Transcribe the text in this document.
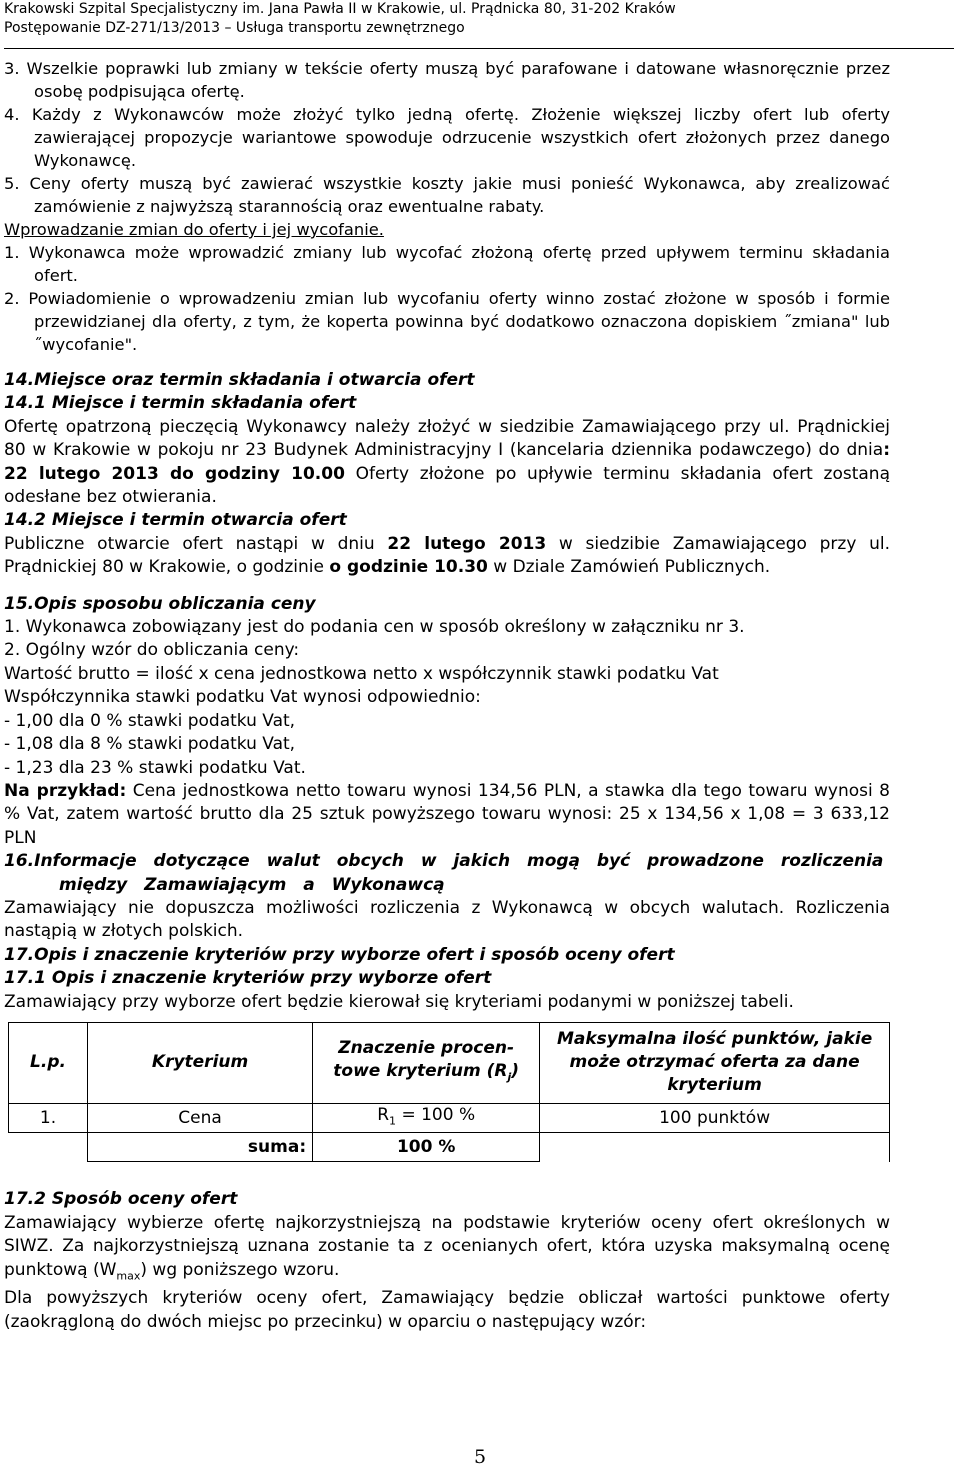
Krakowski Szpital Specjalistyczny im. Jana Pawła II w Krakowie, ul. Prądnicka 80, 31-202 Kraków
Postępowanie DZ-271/13/2013 – Usługa transportu zewnętrznego

3. Wszelkie poprawki lub zmiany w tekście oferty muszą być parafowane i datowane własnoręcznie przez osobę podpisująca ofertę.

4. Każdy z Wykonawców może złożyć tylko jedną ofertę. Złożenie większej liczby ofert lub oferty zawierającej propozycje wariantowe spowoduje odrzucenie wszystkich ofert złożonych przez danego Wykonawcę.

5. Ceny oferty muszą być zawierać wszystkie koszty jakie musi ponieść Wykonawca, aby zrealizować zamówienie z najwyższą starannością oraz ewentualne rabaty.

Wprowadzanie zmian do oferty i jej wycofanie.

1. Wykonawca może wprowadzić zmiany lub wycofać złożoną ofertę przed upływem terminu składania ofert.

2. Powiadomienie o wprowadzeniu zmian lub wycofaniu oferty winno zostać złożone w sposób i formie przewidzianej dla oferty, z tym, że koperta powinna być dodatkowo oznaczona dopiskiem ˝zmiana" lub ˝wycofanie".

14.Miejsce oraz termin składania i otwarcia ofert

14.1 Miejsce i termin składania ofert

Ofertę opatrzoną pieczęcią Wykonawcy należy złożyć w siedzibie Zamawiającego przy ul. Prądnickiej 80 w Krakowie w pokoju nr 23 Budynek Administracyjny I (kancelaria dziennika podawczego) do dnia: 22 lutego 2013 do godziny 10.00 Oferty złożone po upływie terminu składania ofert zostaną odesłane bez otwierania.

14.2 Miejsce i termin otwarcia ofert

Publiczne otwarcie ofert nastąpi w dniu 22 lutego 2013 w siedzibie Zamawiającego przy ul. Prądnickiej 80 w Krakowie, o godzinie o godzinie 10.30 w Dziale Zamówień Publicznych.

15.Opis sposobu obliczania ceny

1. Wykonawca zobowiązany jest do podania cen w sposób określony w załączniku nr 3.

2. Ogólny wzór do obliczania ceny:

Wartość brutto = ilość x cena jednostkowa netto x współczynnik stawki podatku Vat

Współczynnika stawki podatku Vat wynosi odpowiednio:

- 1,00 dla 0 % stawki podatku Vat,

- 1,08 dla 8 % stawki podatku Vat,

- 1,23 dla 23 % stawki podatku Vat.

Na przykład: Cena jednostkowa netto towaru wynosi 134,56 PLN, a stawka dla tego towaru wynosi 8 % Vat, zatem wartość brutto dla 25 sztuk powyższego towaru wynosi: 25 x 134,56 x 1,08 = 3 633,12 PLN

16.Informacje dotyczące walut obcych w jakich mogą być prowadzone rozliczenia między Zamawiającym a Wykonawcą

Zamawiający nie dopuszcza możliwości rozliczenia z Wykonawcą w obcych walutach. Rozliczenia nastąpią w złotych polskich.

17.Opis i znaczenie kryteriów przy wyborze ofert i sposób oceny ofert

17.1 Opis i znaczenie kryteriów przy wyborze ofert

Zamawiający przy wyborze ofert będzie kierował się kryteriami podanymi w poniższej tabeli.

L.p.	Kryterium	Znaczenie procen-towe kryterium $(R_j)$	Maksymalna ilość punktów, jakie może otrzymać oferta za dane kryterium
1.	Cena	$R_1 = 100$ %	100 punktów
	suma:	100 %	

17.2 Sposób oceny ofert

Zamawiający wybierze ofertę najkorzystniejszą na podstawie kryteriów oceny ofert określonych w SIWZ. Za najkorzystniejszą uznana zostanie ta z ocenianych ofert, która uzyska maksymalną ocenę punktową $(W_{max})$ wg poniższego wzoru.

Dla powyższych kryteriów oceny ofert, Zamawiający będzie obliczał wartości punktowe oferty (zaokrągloną do dwóch miejsc po przecinku) w oparciu o następujący wzór:

5
